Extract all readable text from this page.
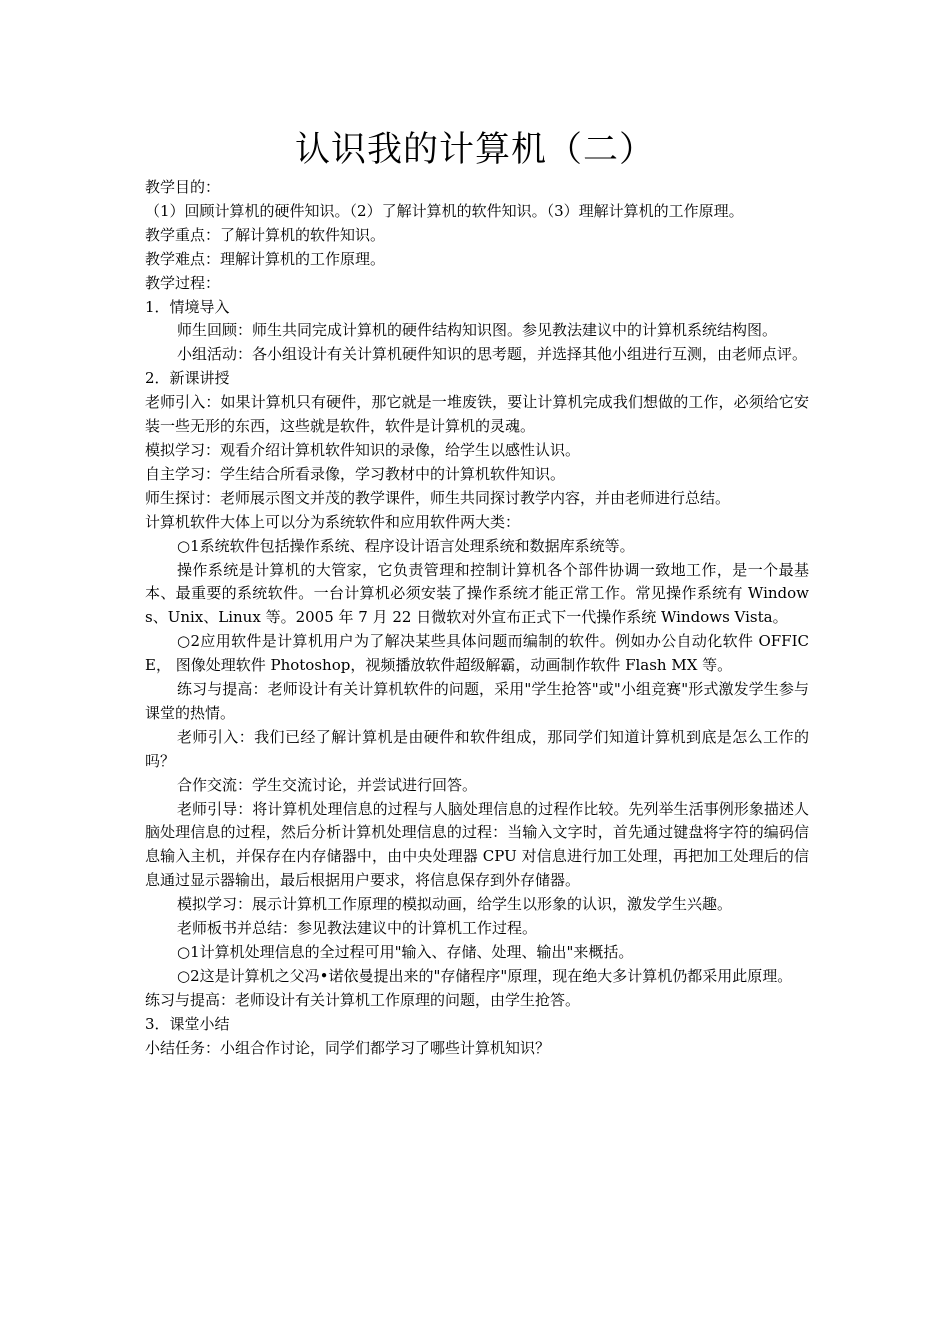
认识我的计算机（二）

教学目的：

（1）回顾计算机的硬件知识。（2）了解计算机的软件知识。（3）理解计算机的工作原理。

教学重点：了解计算机的软件知识。

教学难点：理解计算机的工作原理。

教学过程：

1．情境导入

师生回顾：师生共同完成计算机的硬件结构知识图。参见教法建议中的计算机系统结构图。

小组活动：各小组设计有关计算机硬件知识的思考题，并选择其他小组进行互测，由老师点评。

2．新课讲授

老师引入：如果计算机只有硬件，那它就是一堆废铁，要让计算机完成我们想做的工作，必须给它安装一些无形的东西，这些就是软件，软件是计算机的灵魂。

模拟学习：观看介绍计算机软件知识的录像，给学生以感性认识。

自主学习：学生结合所看录像，学习教材中的计算机软件知识。

师生探讨：老师展示图文并茂的教学课件，师生共同探讨教学内容，并由老师进行总结。

计算机软件大体上可以分为系统软件和应用软件两大类：

○1系统软件包括操作系统、程序设计语言处理系统和数据库系统等。

操作系统是计算机的大管家，它负责管理和控制计算机各个部件协调一致地工作，是一个最基本、最重要的系统软件。一台计算机必须安装了操作系统才能正常工作。常见操作系统有 Windows、Unix、Linux 等。2005 年 7 月 22 日微软对外宣布正式下一代操作系统 Windows Vista。

○2应用软件是计算机用户为了解决某些具体问题而编制的软件。例如办公自动化软件 OFFICE， 图像处理软件 Photoshop，视频播放软件超级解霸，动画制作软件 Flash MX 等。

练习与提高：老师设计有关计算机软件的问题，采用"学生抢答"或"小组竞赛"形式激发学生参与课堂的热情。

老师引入：我们已经了解计算机是由硬件和软件组成，那同学们知道计算机到底是怎么工作的吗？

合作交流：学生交流讨论，并尝试进行回答。

老师引导：将计算机处理信息的过程与人脑处理信息的过程作比较。先列举生活事例形象描述人脑处理信息的过程，然后分析计算机处理信息的过程：当输入文字时，首先通过键盘将字符的编码信息输入主机，并保存在内存储器中，由中央处理器 CPU 对信息进行加工处理，再把加工处理后的信息通过显示器输出，最后根据用户要求，将信息保存到外存储器。

模拟学习：展示计算机工作原理的模拟动画，给学生以形象的认识，激发学生兴趣。

老师板书并总结：参见教法建议中的计算机工作过程。

○1计算机处理信息的全过程可用"输入、存储、处理、输出"来概括。

○2这是计算机之父冯•诺依曼提出来的"存储程序"原理，现在绝大多计算机仍都采用此原理。

练习与提高：老师设计有关计算机工作原理的问题，由学生抢答。

3．课堂小结

小结任务：小组合作讨论，同学们都学习了哪些计算机知识？
